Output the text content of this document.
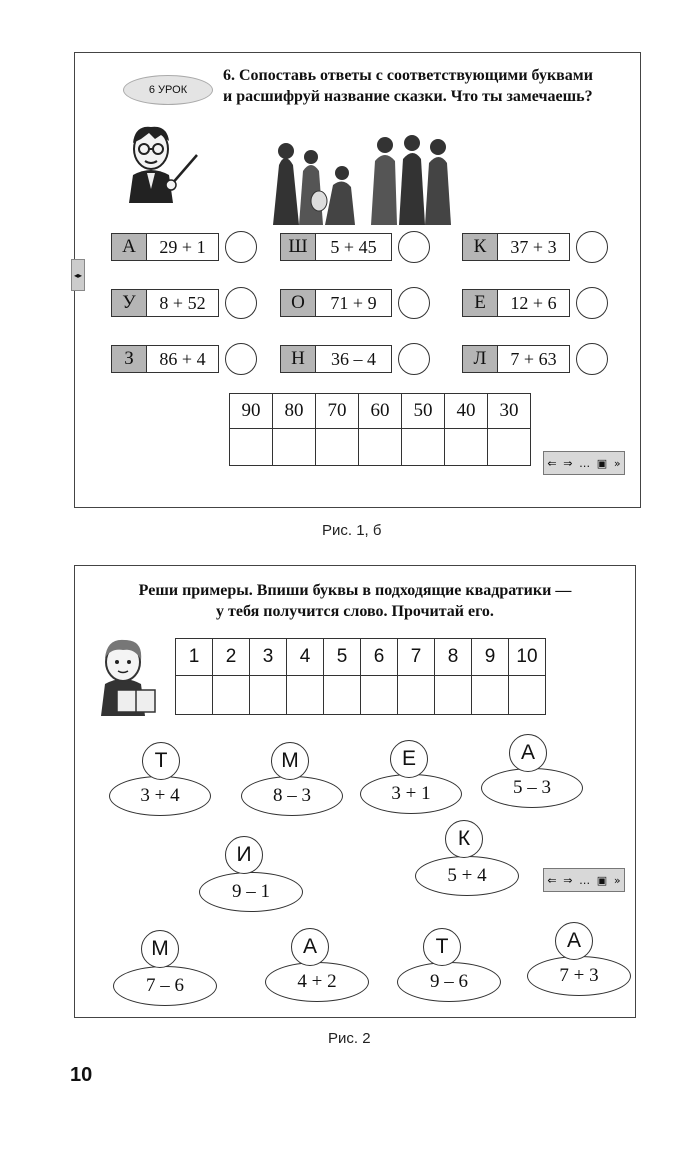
◂▸
6 УРОК
6. Сопоставь ответы с соответствующими буквами
и расшифруй название сказки. Что ты замечаешь?
А	29 + 1	Ш	5 + 45	К	37 + 3
У	8 + 52	О	71 + 9	Е	12 + 6
З	86 + 4	Н	36 – 4	Л	7 + 63
90	80	70	60	50	40	30

⇐ ⇒ … ▣ »
Рис. 1, б
Реши примеры. Впиши буквы в подходящие квадратики —
у тебя получится слово. Прочитай его.
1	2	3	4	5	6	7	8	9	10

3 + 4
Т
8 – 3
М
3 + 1
Е
5 – 3
А
9 – 1
И
5 + 4
К
7 – 6
М
4 + 2
А
9 – 6
Т
7 + 3
А
⇐ ⇒ … ▣ »
Рис. 2
10
